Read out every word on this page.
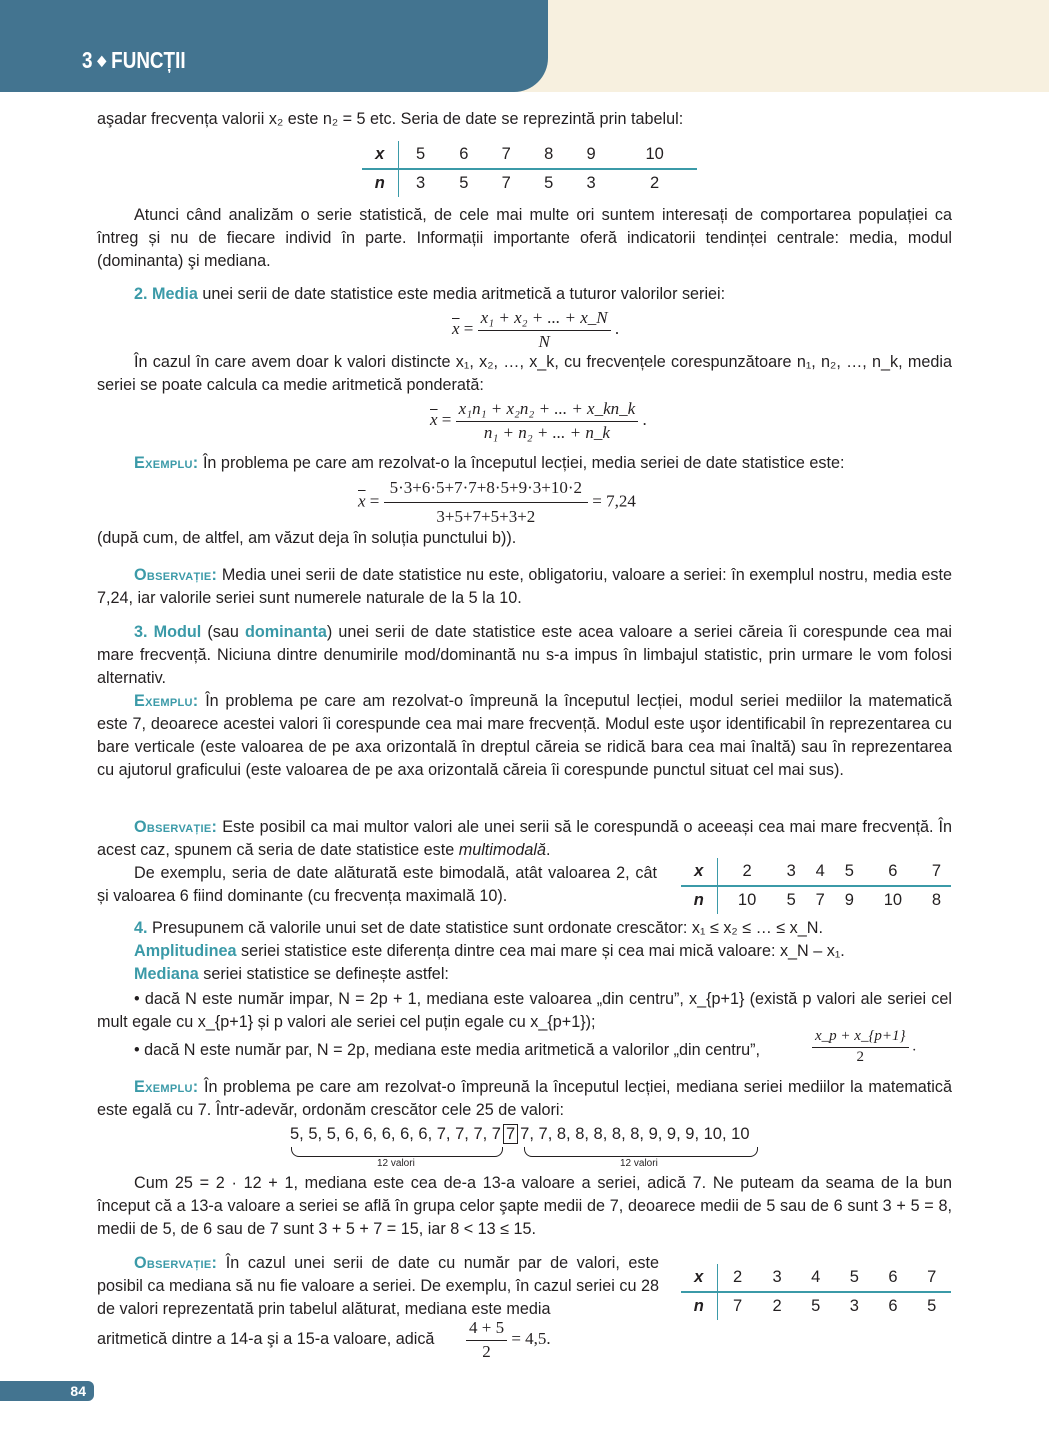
3 ◆ FUNCȚII
aşadar frecvența valorii x₂ este n₂ = 5 etc. Seria de date se reprezintă prin tabelul:
x	5	6	7	8	9	10
n	3	5	7	5	3	2
Atunci când analizăm o serie statistică, de cele mai multe ori suntem interesați de comportarea populației ca întreg și nu de fiecare individ în parte. Informații importante oferă indicatorii tendinței centrale: media, modul (dominanta) şi mediana.
2. Media unei serii de date statistice este media aritmetică a tuturor valorilor seriei:
$\overline{x} = \frac{\text{x₁ + x₂ + ... + x\_N}}{N}$ .
În cazul în care avem doar k valori distincte x₁, x₂, …, x_k, cu frecvențele corespunzătoare n₁, n₂, …, n_k, media seriei se poate calcula ca medie aritmetică ponderată:
$\overline{x} = \frac{\text{x₁n₁ + x₂n₂ + ... + x\_kn\_k}}{\text{n₁ + n₂ + ... + n\_k}}$ .
Exemplu: În problema pe care am rezolvat-o la începutul lecției, media seriei de date statistice este:
$\overline{x} = \frac{5\cdot 3+6\cdot 5+7\cdot 7+8\cdot 5+9\cdot 3+10\cdot 2}{3+5+7+5+3+2} = 7,24$
(după cum, de altfel, am văzut deja în soluția punctului b)).
Observație: Media unei serii de date statistice nu este, obligatoriu, valoare a seriei: în exemplul nostru, media este 7,24, iar valorile seriei sunt numerele naturale de la 5 la 10.
3. Modul (sau dominanta) unei serii de date statistice este acea valoare a seriei căreia îi corespunde cea mai mare frecvență. Niciuna dintre denumirile mod/dominantă nu s-a impus în limbajul statistic, prin urmare le vom folosi alternativ.
Exemplu: În problema pe care am rezolvat-o împreună la începutul lecției, modul seriei mediilor la matematică este 7, deoarece acestei valori îi corespunde cea mai mare frecvență. Modul este uşor identificabil în reprezentarea cu bare verticale (este valoarea de pe axa orizontală în dreptul căreia se ridică bara cea mai înaltă) sau în reprezentarea cu ajutorul graficului (este valoarea de pe axa orizontală căreia îi corespunde punctul situat cel mai sus).
Observație: Este posibil ca mai multor valori ale unei serii să le corespundă o aceeași cea mai mare frecvență. În acest caz, spunem că seria de date statistice este multimodală.
De exemplu, seria de date alăturată este bimodală, atât valoarea 2, cât și valoarea 6 fiind dominante (cu frecvența maximală 10).
x	2	3	4	5	6	7
n	10	5	7	9	10	8
4. Presupunem că valorile unui set de date statistice sunt ordonate crescător: x₁ ≤ x₂ ≤ … ≤ x_N.
Amplitudinea seriei statistice este diferența dintre cea mai mare și cea mai mică valoare: x_N – x₁.
Mediana seriei statistice se definește astfel:
• dacă N este număr impar, N = 2p + 1, mediana este valoarea „din centru”, x_{p+1} (există p valori ale seriei cel mult egale cu x_{p+1} și p valori ale seriei cel puțin egale cu x_{p+1});
• dacă N este număr par, N = 2p, mediana este media aritmetică a valorilor „din centru”,	$\frac{x\_p + x\_\{p+1\}}{2}$ .
Exemplu: În problema pe care am rezolvat-o împreună la începutul lecției, mediana seriei mediilor la matematică este egală cu 7. Într-adevăr, ordonăm crescător cele 25 de valori:
5, 5, 5, 6, 6, 6, 6, 6, 7, 7, 7, 7 7 7, 7, 8, 8, 8, 8, 8, 9, 9, 9, 10, 10
12 valori	12 valori
Cum 25 = 2 · 12 + 1, mediana este cea de-a 13-a valoare a seriei, adică 7. Ne puteam da seama de la bun început că a 13-a valoare a seriei se află în grupa celor şapte medii de 7, deoarece medii de 5 sau de 6 sunt 3 + 5 = 8, medii de 5, de 6 sau de 7 sunt 3 + 5 + 7 = 15, iar 8 < 13 ≤ 15.
Observație: În cazul unei serii de date cu număr par de valori, este posibil ca mediana să nu fie valoare a seriei. De exemplu, în cazul seriei cu 28 de valori reprezentată prin tabelul alăturat, mediana este media
aritmetică dintre a 14-a şi a 15-a valoare, adică $\frac{4 + 5}{2} = 4,5$.
x	2	3	4	5	6	7
n	7	2	5	3	6	5
84
